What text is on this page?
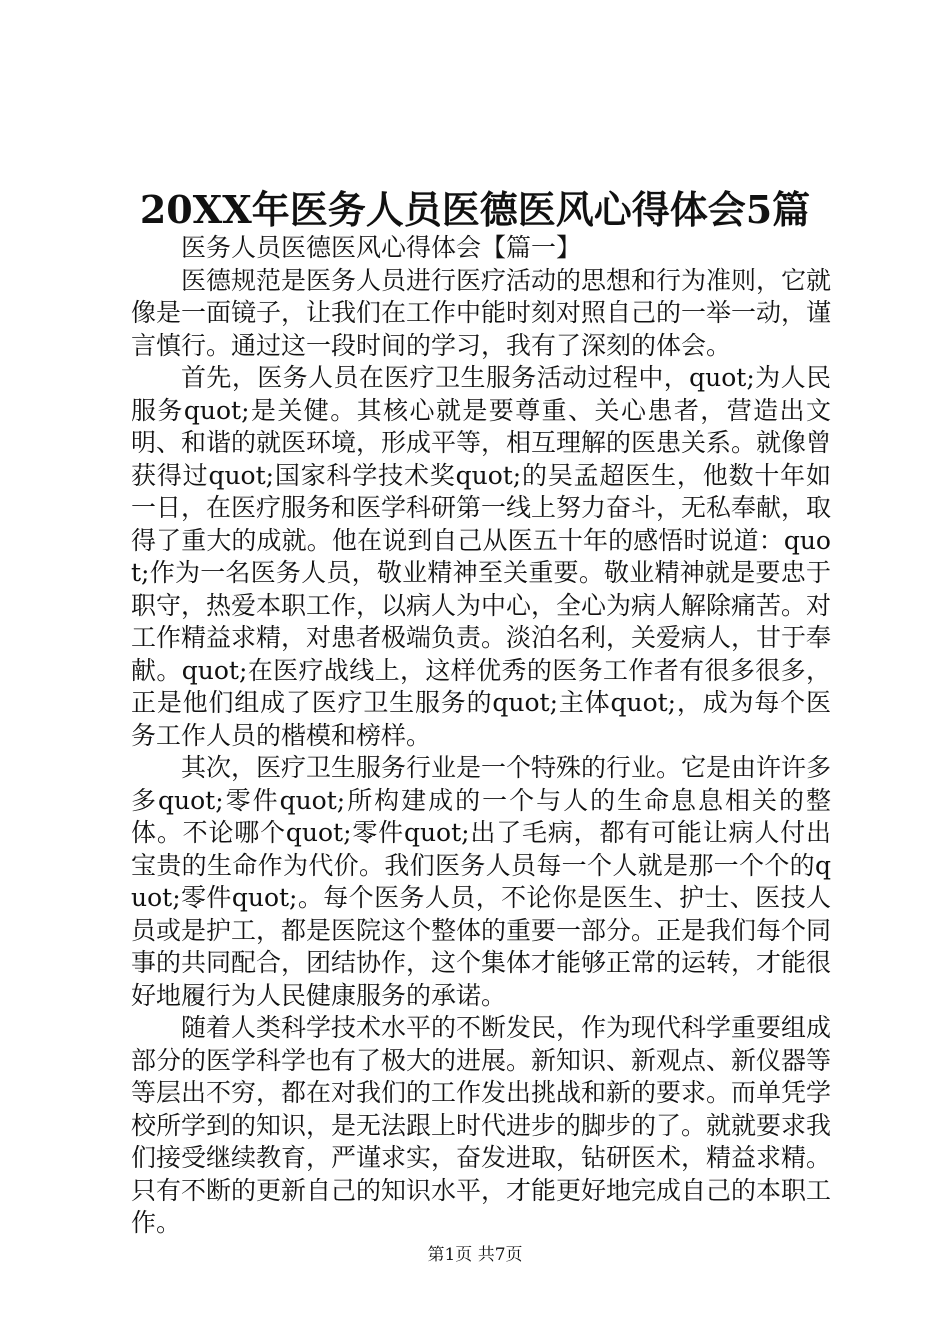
20XX年医务人员医德医风心得体会5篇

医务人员医德医风心得体会【篇一】

医德规范是医务人员进行医疗活动的思想和行为准则，它就像是一面镜子，让我们在工作中能时刻对照自己的一举一动，谨言慎行。通过这一段时间的学习，我有了深刻的体会。

首先，医务人员在医疗卫生服务活动过程中，quot;为人民服务quot;是关健。其核心就是要尊重、关心患者，营造出文明、和谐的就医环境，形成平等，相互理解的医患关系。就像曾获得过quot;国家科学技术奖quot;的吴孟超医生，他数十年如一日，在医疗服务和医学科研第一线上努力奋斗，无私奉献，取得了重大的成就。他在说到自己从医五十年的感悟时说道：quot;作为一名医务人员，敬业精神至关重要。敬业精神就是要忠于职守，热爱本职工作，以病人为中心，全心为病人解除痛苦。对工作精益求精，对患者极端负责。淡泊名利，关爱病人，甘于奉献。quot;在医疗战线上，这样优秀的医务工作者有很多很多，正是他们组成了医疗卫生服务的quot;主体quot;，成为每个医务工作人员的楷模和榜样。

其次，医疗卫生服务行业是一个特殊的行业。它是由许许多多quot;零件quot;所构建成的一个与人的生命息息相关的整体。不论哪个quot;零件quot;出了毛病，都有可能让病人付出宝贵的生命作为代价。我们医务人员每一个人就是那一个个的quot;零件quot;。每个医务人员，不论你是医生、护士、医技人员或是护工，都是医院这个整体的重要一部分。正是我们每个同事的共同配合，团结协作，这个集体才能够正常的运转，才能很好地履行为人民健康服务的承诺。

随着人类科学技术水平的不断发民，作为现代科学重要组成部分的医学科学也有了极大的进展。新知识、新观点、新仪器等等层出不穷，都在对我们的工作发出挑战和新的要求。而单凭学校所学到的知识，是无法跟上时代进步的脚步的了。就就要求我们接受继续教育，严谨求实，奋发进取，钻研医术，精益求精。只有不断的更新自己的知识水平，才能更好地完成自己的本职工作。

第1页 共7页
